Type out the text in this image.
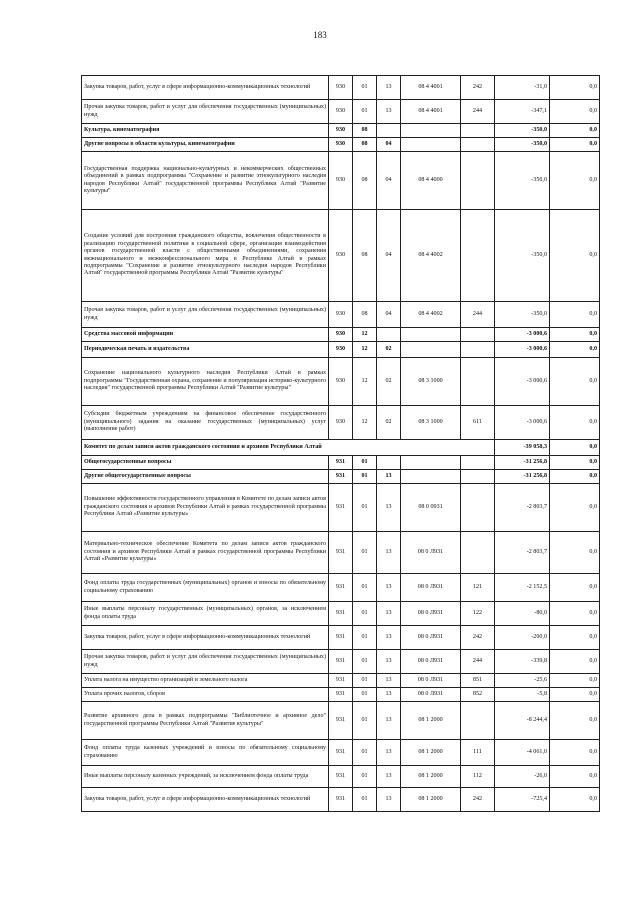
183
Закупка товаров, работ, услуг в сфере информационно-коммуникационных технологий	930	01	13	08 4 4001	242	-31,0	0,0
Прочая закупка товаров, работ и услуг для обеспечения государственных (муниципальных) нужд	930	01	13	08 4 4001	244	-347,1	0,0
Культура, кинематография	930	08				-350,0	0,0
Другие вопросы в области культуры, кинематографии	930	08	04			-350,0	0,0
Государственная поддержка национально-культурных и некоммерческих общественных объединений в рамках подпрограммы "Сохранение и развитие этнокультурного наследия народов Республики Алтай" государственной программы Республики Алтай "Развитие культуры"	930	08	04	08 4 4000		-350,0	0,0
Создание условий для построения гражданского общества, вовлечения общественности в реализацию государственной политики в социальной сфере, организация взаимодействия органов государственной власти с общественными объединениями, сохранения межнационального и межконфессионального мира в Республике Алтай в рамках подпрограммы "Сохранение и развитие этнокультурного наследия народов Республики Алтай" государственной программы Республики Алтай "Развитие культуры"	930	08	04	08 4 4002		-350,0	0,0
Прочая закупка товаров, работ и услуг для обеспечения государственных (муниципальных) нужд	930	08	04	08 4 4002	244	-350,0	0,0
Средства массовой информации	930	12				-3 000,6	0,0
Периодическая печать и издательства	930	12	02			-3 000,6	0,0
Сохранение национального культурного наследия Республики Алтай в рамках подпрограммы "Государственная охрана, сохранение и популяризация историко-культурного наследия" государственной программы Республики Алтай "Развитие культуры"	930	12	02	08 3 1000		-3 000,6	0,0
Субсидии бюджетным учреждениям на финансовое обеспечение государственного (муниципального) задания на оказание государственных (муниципальных) услуг (выполнение работ)	930	12	02	08 3 1000	611	-3 000,6	0,0
Комитет по делам записи актов гражданского состояния и архивов Республики Алтай						-39 058,3	0,0
Общегосударственные вопросы	931	01				-31 256,8	0,0
Другие общегосударственные вопросы	931	01	13			-31 256,8	0,0
Повышение эффективности государственного управления в Комитете по делам записи актов гражданского состояния и архивов Республики Алтай в рамках государственной программы Республики Алтай «Развитие культуры»	931	01	13	08 0 0931		-2 803,7	0,0
Материально-техническое обеспечение Комитета по делам записи актов гражданского состояния и архивов Республики Алтай в рамках государственной программы Республики Алтай «Развитие культуры»	931	01	13	08 0 Л931		-2 803,7	0,0
Фонд оплаты труда государственных (муниципальных) органов и взносы по обязательному социальному страхованию	931	01	13	08 0 Л931	121	-2 152,5	0,0
Иные выплаты персоналу государственных (муниципальных) органов, за исключением фонда оплаты труда	931	01	13	08 0 Л931	122	-80,0	0,0
Закупка товаров, работ, услуг в сфере информационно-коммуникационных технологий	931	01	13	08 0 Л931	242	-200,0	0,0
Прочая закупка товаров, работ и услуг для обеспечения государственных (муниципальных) нужд	931	01	13	08 0 Л931	244	-339,8	0,0
Уплата налога на имущество организаций и земельного налога	931	01	13	08 0 Л931	851	-25,6	0,0
Уплата прочих налогов, сборов	931	01	13	08 0 Л931	852	-5,8	0,0
Развитие архивного дела в рамках подпрограммы "Библиотечное и архивное дело" государственной программы Республики Алтай "Развитие культуры"	931	01	13	08 1 2000		-8 244,4	0,0
Фонд оплаты труда казенных учреждений и взносы по обязательному социальному страхованию	931	01	13	08 1 2000	111	-4 061,0	0,0
Иные выплаты персоналу казенных учреждений, за исключением фонда оплаты труда	931	01	13	08 1 2000	112	-26,0	0,0
Закупка товаров, работ, услуг в сфере информационно-коммуникационных технологий	931	01	13	08 1 2000	242	-725,4	0,0
